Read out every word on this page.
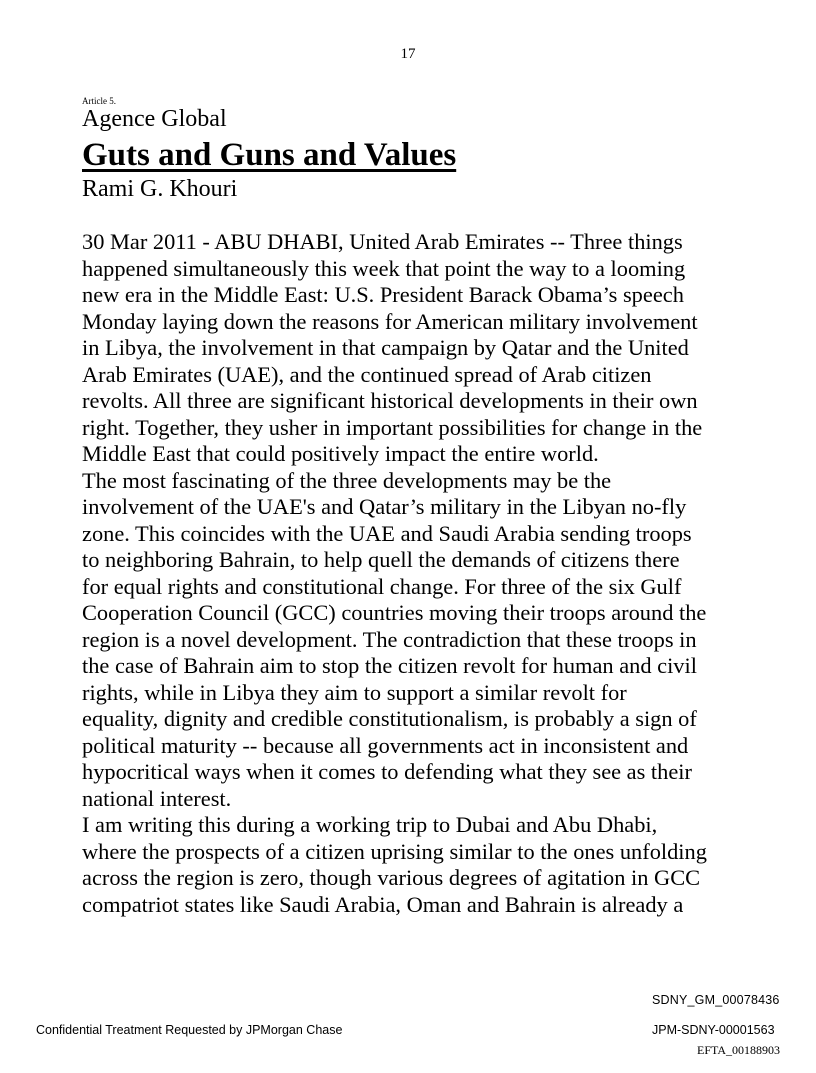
17
Article 5.
Agence Global
Guts and Guns and Values
Rami G. Khouri

30 Mar 2011 - ABU DHABI, United Arab Emirates -- Three things
happened simultaneously this week that point the way to a looming
new era in the Middle East: U.S. President Barack Obama’s speech
Monday laying down the reasons for American military involvement
in Libya, the involvement in that campaign by Qatar and the United
Arab Emirates (UAE), and the continued spread of Arab citizen
revolts. All three are significant historical developments in their own
right. Together, they usher in important possibilities for change in the
Middle East that could positively impact the entire world.

The most fascinating of the three developments may be the
involvement of the UAE's and Qatar’s military in the Libyan no-fly
zone. This coincides with the UAE and Saudi Arabia sending troops
to neighboring Bahrain, to help quell the demands of citizens there
for equal rights and constitutional change. For three of the six Gulf
Cooperation Council (GCC) countries moving their troops around the
region is a novel development. The contradiction that these troops in
the case of Bahrain aim to stop the citizen revolt for human and civil
rights, while in Libya they aim to support a similar revolt for
equality, dignity and credible constitutionalism, is probably a sign of
political maturity -- because all governments act in inconsistent and
hypocritical ways when it comes to defending what they see as their
national interest.

I am writing this during a working trip to Dubai and Abu Dhabi,
where the prospects of a citizen uprising similar to the ones unfolding
across the region is zero, though various degrees of agitation in GCC
compatriot states like Saudi Arabia, Oman and Bahrain is already a

SDNY_GM_00078436
Confidential Treatment Requested by JPMorgan Chase	JPM-SDNY-00001563
EFTA_00188903
